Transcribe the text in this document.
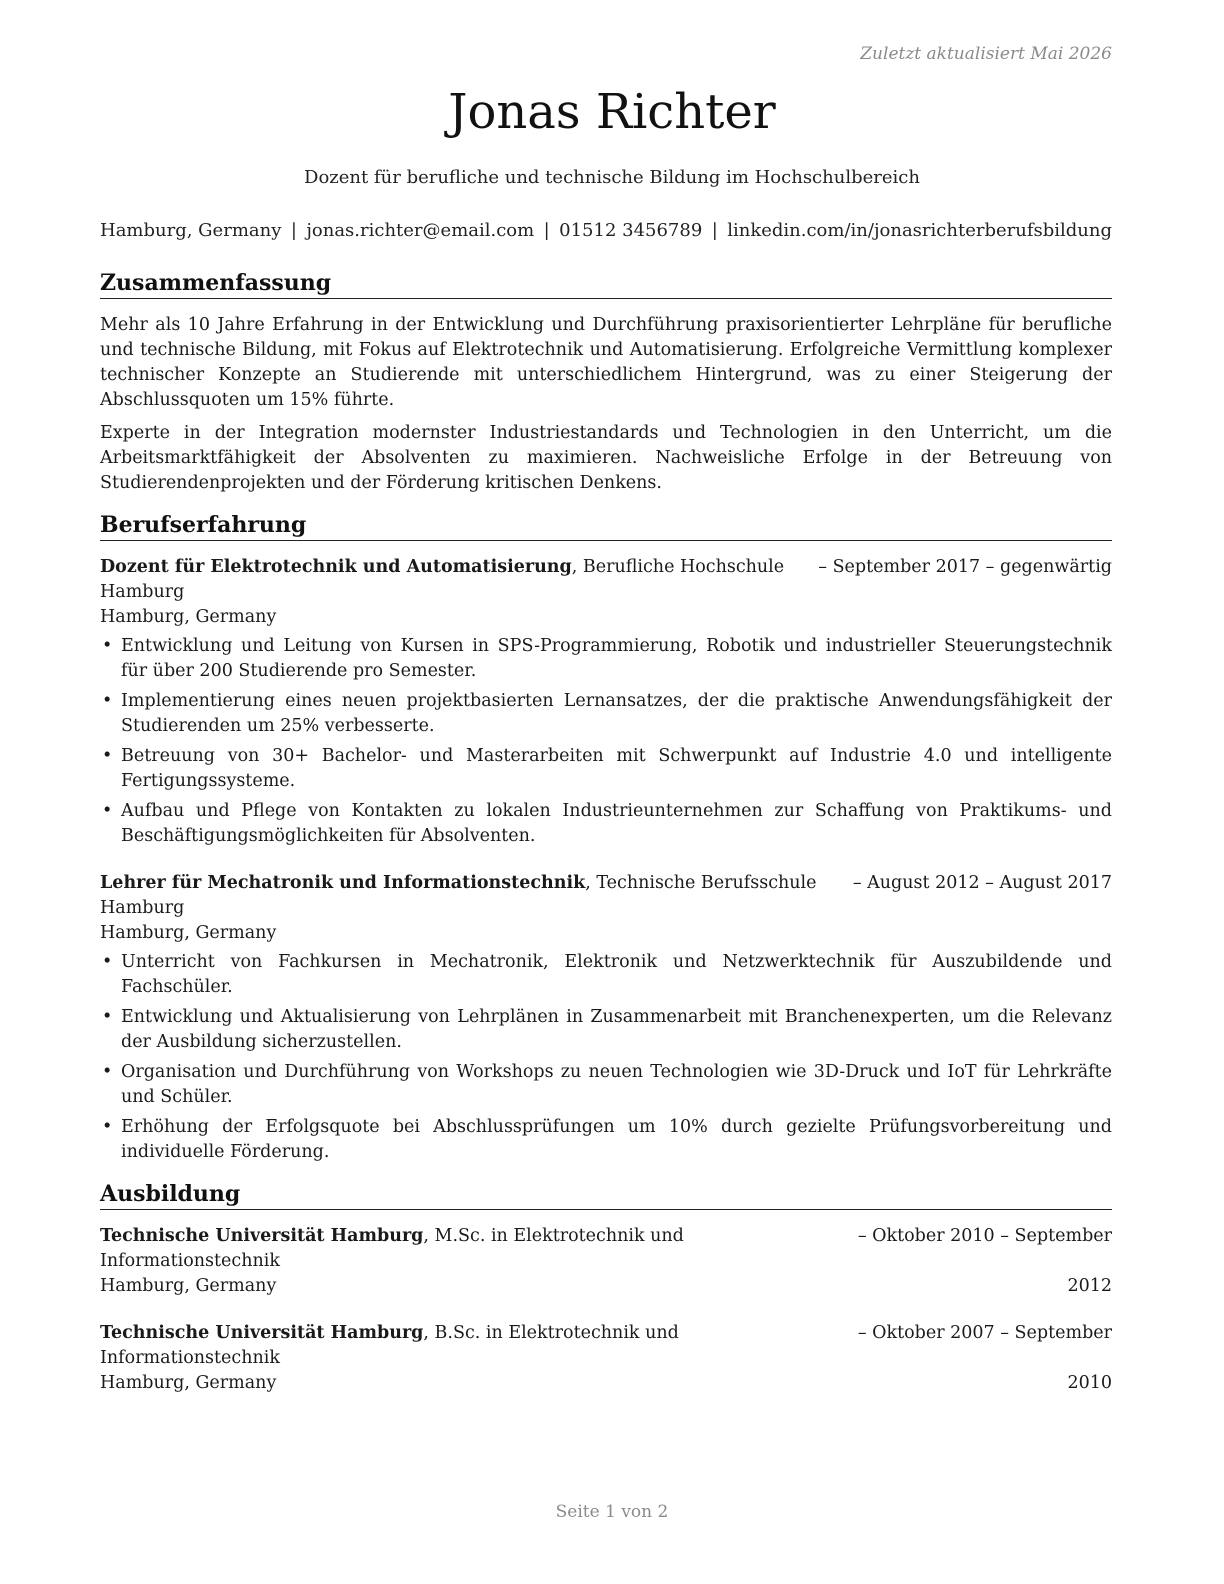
Zuletzt aktualisiert Mai 2026
Jonas Richter
Dozent für berufliche und technische Bildung im Hochschulbereich
Hamburg, Germany | jonas.richter@email.com | 01512 3456789 | linkedin.com/in/jonasrichterberufsbildung
Zusammenfassung

Mehr als 10 Jahre Erfahrung in der Entwicklung und Durchführung praxisorientierter Lehrpläne für berufliche und technische Bildung, mit Fokus auf Elektrotechnik und Automatisierung. Erfolgreiche Vermittlung komplexer technischer Konzepte an Studierende mit unterschiedlichem Hintergrund, was zu einer Steigerung der Abschlussquoten um 15% führte.

Experte in der Integration modernster Industriestandards und Technologien in den Unterricht, um die Arbeitsmarktfähigkeit der Absolventen zu maximieren. Nachweisliche Erfolge in der Betreuung von Studierendenprojekten und der Förderung kritischen Denkens.

Berufserfahrung
Dozent für Elektrotechnik und Automatisierung, Berufliche Hochschule Hamburg
– September 2017 – gegenwärtig
Hamburg, Germany
• Entwicklung und Leitung von Kursen in SPS-Programmierung, Robotik und industrieller Steuerungstechnik für über 200 Studierende pro Semester.
• Implementierung eines neuen projektbasierten Lernansatzes, der die praktische Anwendungsfähigkeit der Studierenden um 25% verbesserte.
• Betreuung von 30+ Bachelor- und Masterarbeiten mit Schwerpunkt auf Industrie 4.0 und intelligente Fertigungssysteme.
• Aufbau und Pflege von Kontakten zu lokalen Industrieunternehmen zur Schaffung von Praktikums- und Beschäftigungsmöglichkeiten für Absolventen.
Lehrer für Mechatronik und Informationstechnik, Technische Berufsschule Hamburg
– August 2012 – August 2017
Hamburg, Germany
• Unterricht von Fachkursen in Mechatronik, Elektronik und Netzwerktechnik für Auszubildende und Fachschüler.
• Entwicklung und Aktualisierung von Lehrplänen in Zusammenarbeit mit Branchenexperten, um die Relevanz der Ausbildung sicherzustellen.
• Organisation und Durchführung von Workshops zu neuen Technologien wie 3D-Druck und IoT für Lehrkräfte und Schüler.
• Erhöhung der Erfolgsquote bei Abschlussprüfungen um 10% durch gezielte Prüfungsvorbereitung und individuelle Förderung.
Ausbildung
Technische Universität Hamburg, M.Sc. in Elektrotechnik und Informationstechnik
– Oktober 2010 – September
Hamburg, Germany	2012
Technische Universität Hamburg, B.Sc. in Elektrotechnik und Informationstechnik
– Oktober 2007 – September
Hamburg, Germany	2010
Seite 1 von 2
